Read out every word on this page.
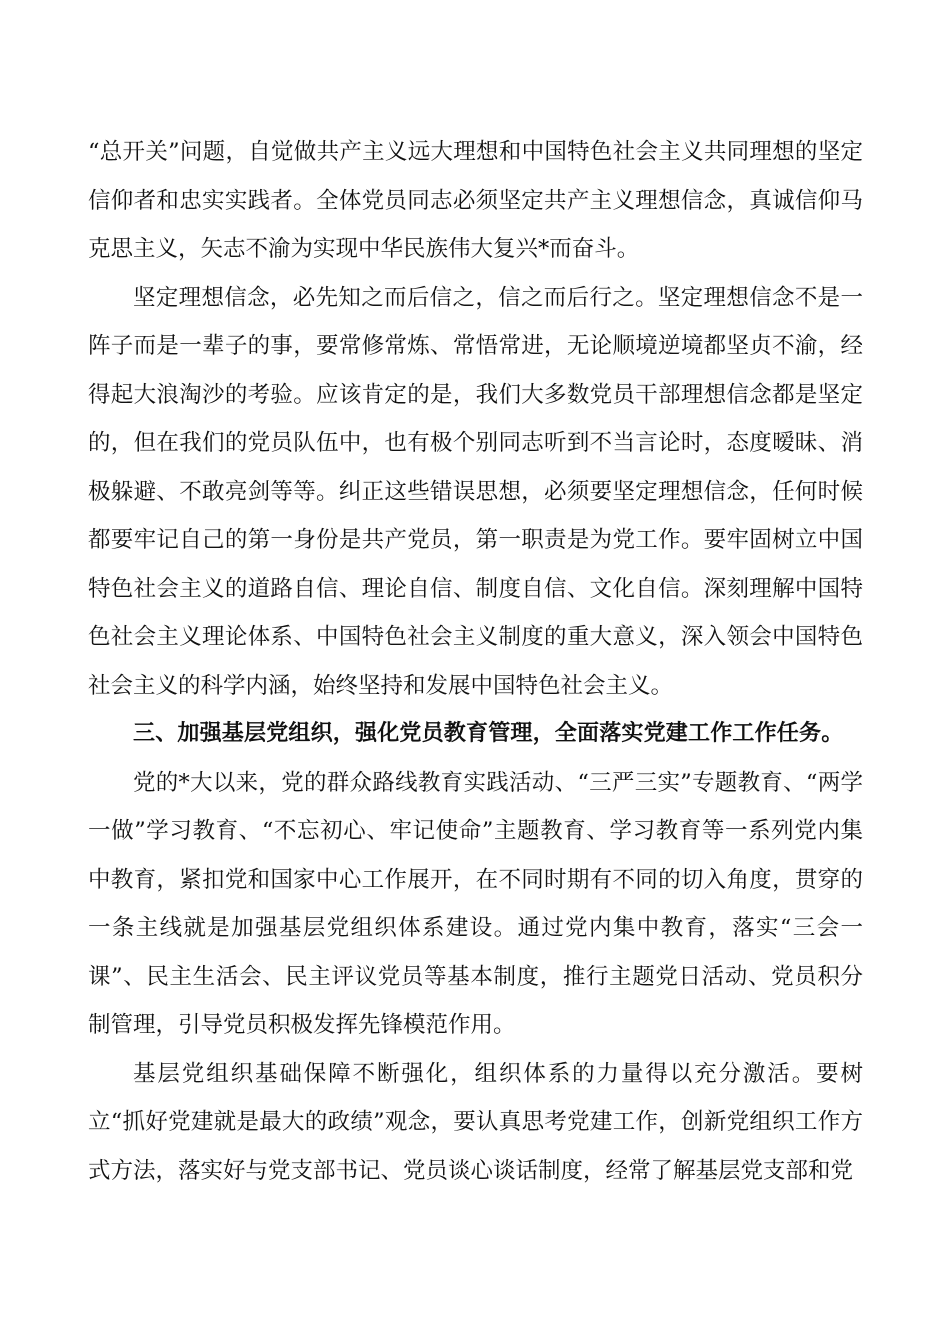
“总开关”问题，自觉做共产主义远大理想和中国特色社会主义共同理想的坚定信仰者和忠实实践者。全体党员同志必须坚定共产主义理想信念，真诚信仰马克思主义，矢志不渝为实现中华民族伟大复兴*而奋斗。

坚定理想信念，必先知之而后信之，信之而后行之。坚定理想信念不是一阵子而是一辈子的事，要常修常炼、常悟常进，无论顺境逆境都坚贞不渝，经得起大浪淘沙的考验。应该肯定的是，我们大多数党员干部理想信念都是坚定的，但在我们的党员队伍中，也有极个别同志听到不当言论时，态度暧昧、消极躲避、不敢亮剑等等。纠正这些错误思想，必须要坚定理想信念，任何时候都要牢记自己的第一身份是共产党员，第一职责是为党工作。要牢固树立中国特色社会主义的道路自信、理论自信、制度自信、文化自信。深刻理解中国特色社会主义理论体系、中国特色社会主义制度的重大意义，深入领会中国特色社会主义的科学内涵，始终坚持和发展中国特色社会主义。

三、加强基层党组织，强化党员教育管理，全面落实党建工作工作任务。

党的*大以来，党的群众路线教育实践活动、“三严三实”专题教育、“两学一做”学习教育、“不忘初心、牢记使命”主题教育、学习教育等一系列党内集中教育，紧扣党和国家中心工作展开，在不同时期有不同的切入角度，贯穿的一条主线就是加强基层党组织体系建设。通过党内集中教育，落实“三会一课”、民主生活会、民主评议党员等基本制度，推行主题党日活动、党员积分制管理，引导党员积极发挥先锋模范作用。

基层党组织基础保障不断强化，组织体系的力量得以充分激活。要树立“抓好党建就是最大的政绩”观念，要认真思考党建工作，创新党组织工作方式方法，落实好与党支部书记、党员谈心谈话制度，经常了解基层党支部和党
